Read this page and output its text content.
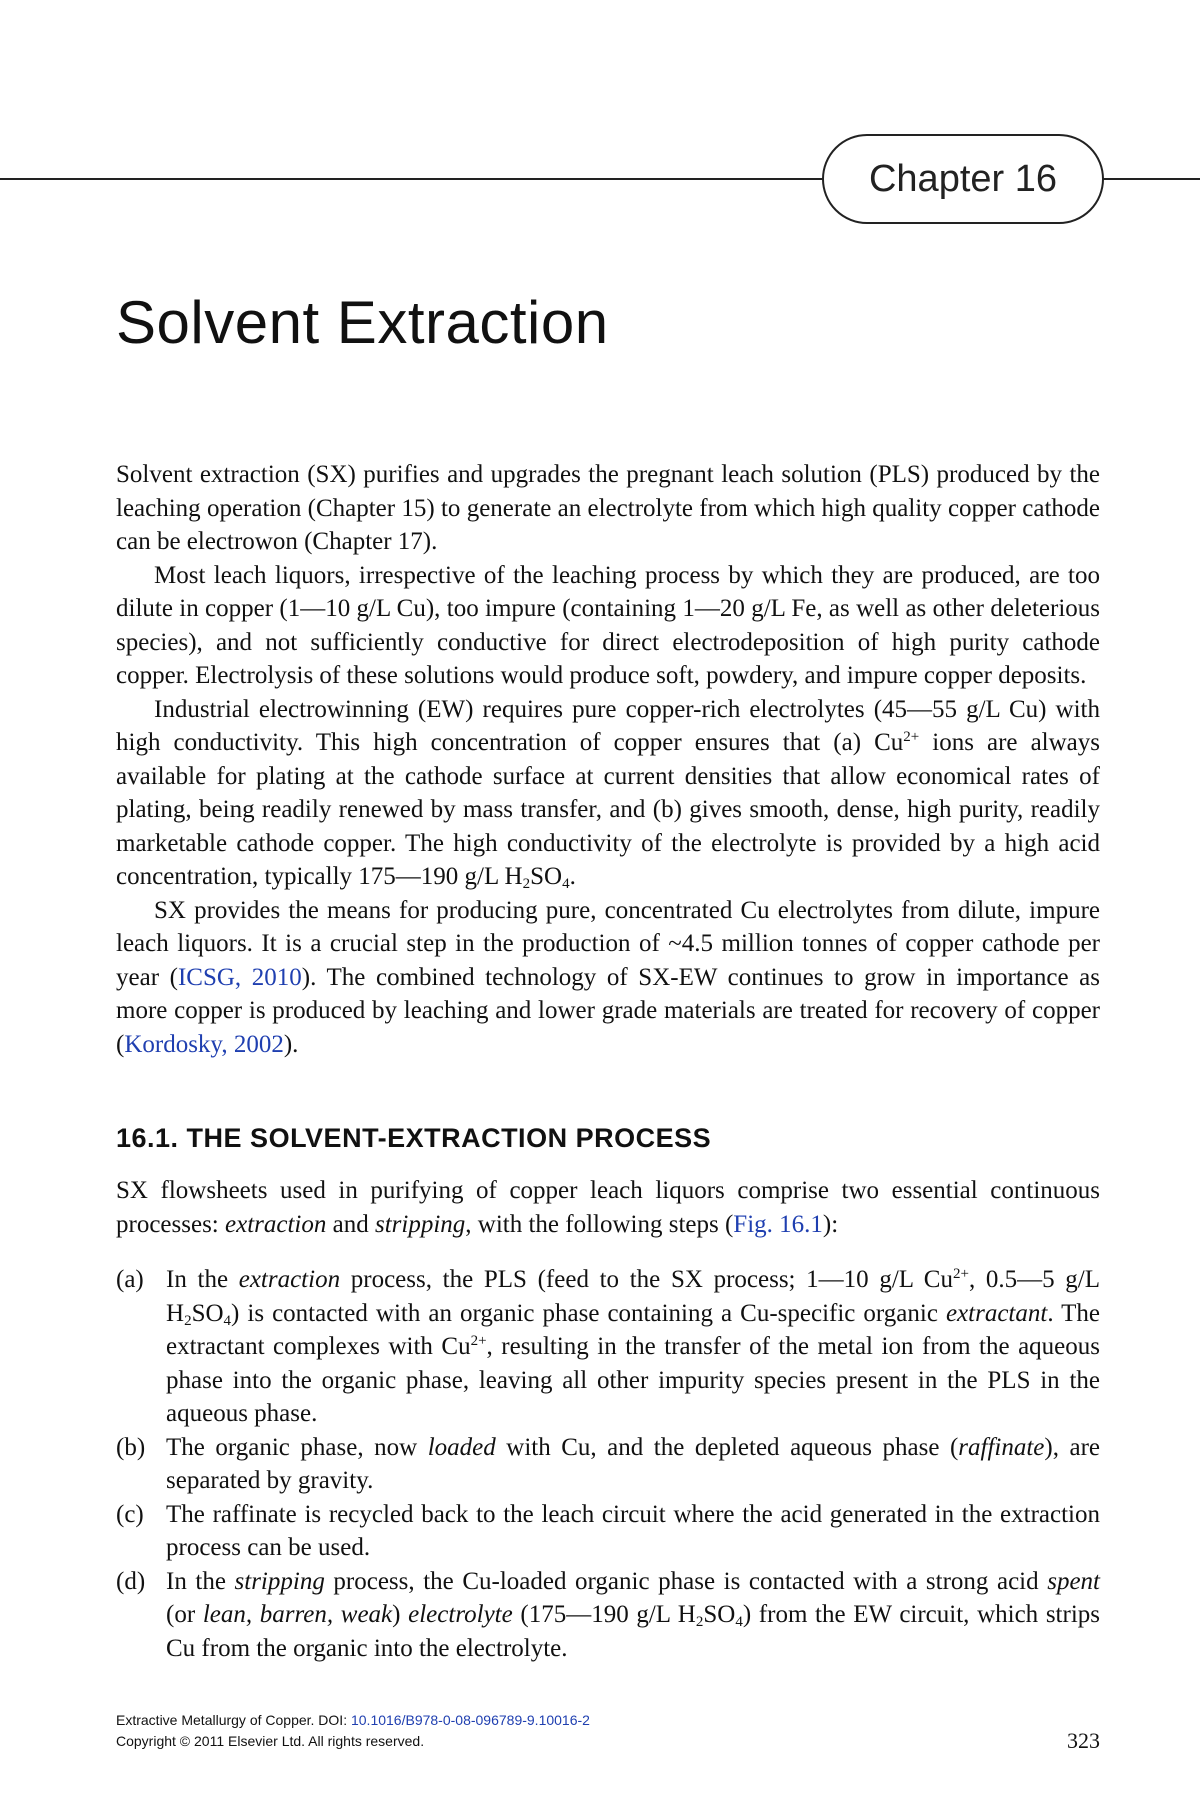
Chapter 16
Solvent Extraction

Solvent extraction (SX) purifies and upgrades the pregnant leach solution (PLS) produced by the leaching operation (Chapter 15) to generate an electrolyte from which high quality copper cathode can be electrowon (Chapter 17).

Most leach liquors, irrespective of the leaching process by which they are produced, are too dilute in copper (1—10 g/L Cu), too impure (containing 1—20 g/L Fe, as well as other deleterious species), and not sufficiently conductive for direct electrodeposition of high purity cathode copper. Electrolysis of these solutions would produce soft, powdery, and impure copper deposits.

Industrial electrowinning (EW) requires pure copper-rich electrolytes (45—55 g/L Cu) with high conductivity. This high concentration of copper ensures that (a) $Cu^{2+}$ ions are always available for plating at the cathode surface at current densities that allow economical rates of plating, being readily renewed by mass transfer, and (b) gives smooth, dense, high purity, readily marketable cathode copper. The high conductivity of the electrolyte is provided by a high acid concentration, typically 175—190 g/L $H_2SO_4$.

SX provides the means for producing pure, concentrated Cu electrolytes from dilute, impure leach liquors. It is a crucial step in the production of ~4.5 million tonnes of copper cathode per year (ICSG, 2010). The combined technology of SX-EW continues to grow in importance as more copper is produced by leaching and lower grade materials are treated for recovery of copper (Kordosky, 2002).

16.1. THE SOLVENT-EXTRACTION PROCESS

SX flowsheets used in purifying of copper leach liquors comprise two essential continuous processes: extraction and stripping, with the following steps (Fig. 16.1):

(a) In the extraction process, the PLS (feed to the SX process; 1—10 g/L $Cu^{2+}$, 0.5—5 g/L $H_2SO_4$) is contacted with an organic phase containing a Cu-specific organic extractant. The extractant complexes with $Cu^{2+}$, resulting in the transfer of the metal ion from the aqueous phase into the organic phase, leaving all other impurity species present in the PLS in the aqueous phase.
(b) The organic phase, now loaded with Cu, and the depleted aqueous phase (raffinate), are separated by gravity.
(c) The raffinate is recycled back to the leach circuit where the acid generated in the extraction process can be used.
(d) In the stripping process, the Cu-loaded organic phase is contacted with a strong acid spent (or lean, barren, weak) electrolyte (175—190 g/L $H_2SO_4$) from the EW circuit, which strips Cu from the organic into the electrolyte.
Extractive Metallurgy of Copper. DOI: 10.1016/B978-0-08-096789-9.10016-2
Copyright © 2011 Elsevier Ltd. All rights reserved.	323
